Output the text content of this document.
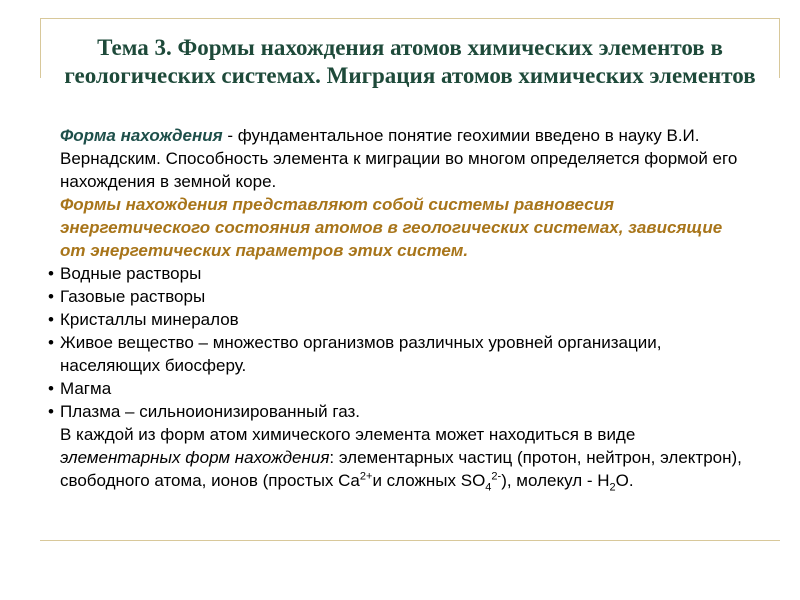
Тема 3. Формы нахождения атомов химических элементов в геологических системах. Миграция атомов химических элементов

Форма нахождения - фундаментальное понятие геохимии введено в науку В.И. Вернадским. Способность элемента к миграции во многом определяется формой его нахождения в земной коре.

Формы нахождения представляют собой системы равновесия энергетического состояния атомов в геологических системах, зависящие от энергетических параметров этих систем.

• Водные растворы
• Газовые растворы
• Кристаллы минералов
• Живое вещество – множество организмов различных уровней организации, населяющих биосферу.
• Магма
• Плазма – сильноионизированный газ.

В каждой из форм атом химического элемента может находиться в виде элементарных форм нахождения: элементарных частиц (протон, нейтрон, электрон), свободного атома, ионов (простых $Ca^{2+}и$ сложных $SO_4^{2-}$), молекул - $H_2O$.
